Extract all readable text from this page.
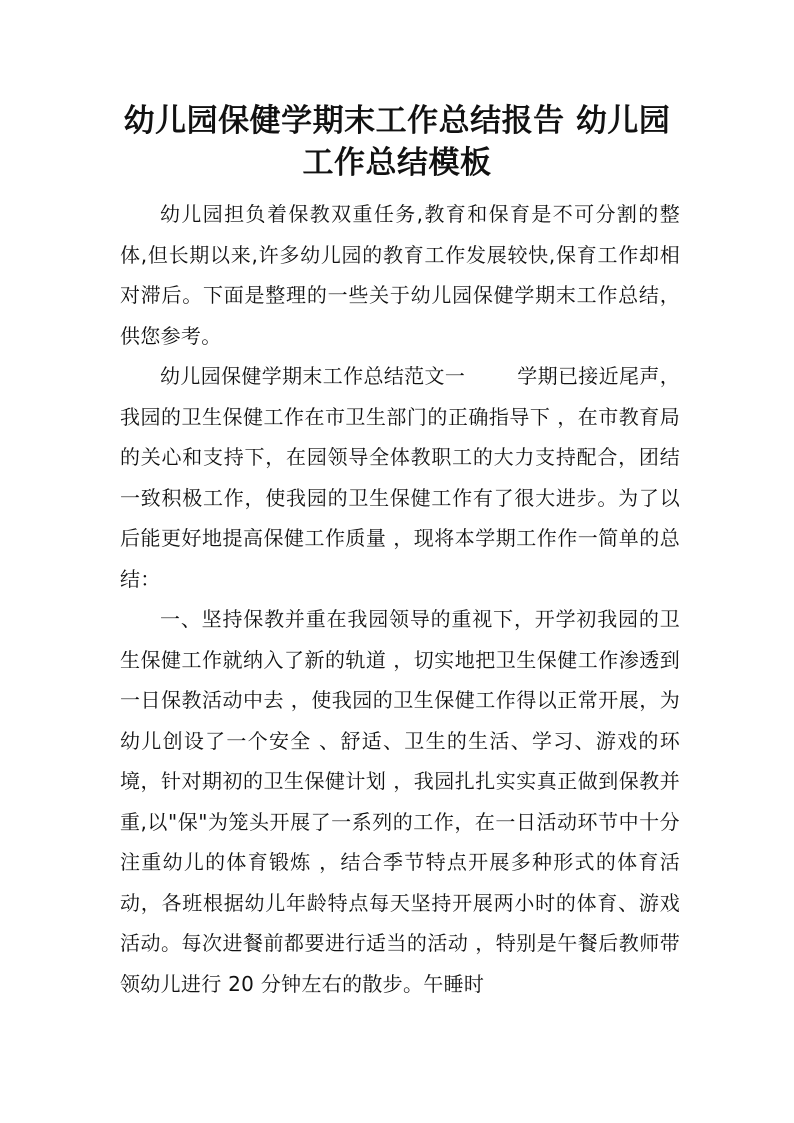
幼儿园保健学期末工作总结报告 幼儿园工作总结模板

幼儿园担负着保教双重任务,教育和保育是不可分割的整体,但长期以来,许多幼儿园的教育工作发展较快,保育工作却相对滞后。下面是整理的一些关于幼儿园保健学期末工作总结，供您参考。

幼儿园保健学期末工作总结范文一	学期已接近尾声，我园的卫生保健工作在市卫生部门的正确指导下 ，在市教育局的关心和支持下，在园领导全体教职工的大力支持配合，团结一致积极工作，使我园的卫生保健工作有了很大进步。为了以后能更好地提高保健工作质量 ，现将本学期工作作一简单的总结：

一、坚持保教并重在我园领导的重视下，开学初我园的卫生保健工作就纳入了新的轨道 ，切实地把卫生保健工作渗透到一日保教活动中去 ，使我园的卫生保健工作得以正常开展，为幼儿创设了一个安全 、舒适、卫生的生活、学习、游戏的环境，针对期初的卫生保健计划 ，我园扎扎实实真正做到保教并重,以"保"为笼头开展了一系列的工作，在一日活动环节中十分注重幼儿的体育锻炼 ，结合季节特点开展多种形式的体育活动，各班根据幼儿年龄特点每天坚持开展两小时的体育、游戏活动。每次进餐前都要进行适当的活动 ，特别是午餐后教师带领幼儿进行 20 分钟左右的散步。午睡时
